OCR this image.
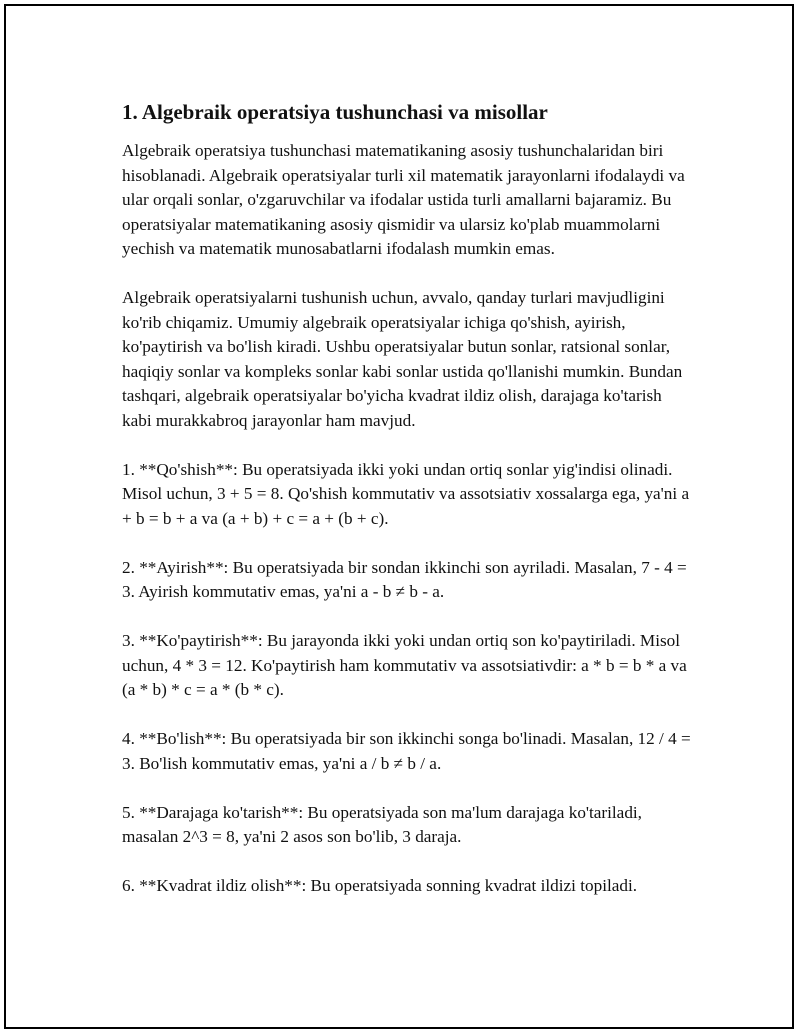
1. Algebraik operatsiya tushunchasi va misollar

Algebraik operatsiya tushunchasi matematikaning asosiy tushunchalaridan biri hisoblanadi. Algebraik operatsiyalar turli xil matematik jarayonlarni ifodalaydi va ular orqali sonlar, o'zgaruvchilar va ifodalar ustida turli amallarni bajaramiz. Bu operatsiyalar matematikaning asosiy qismidir va ularsiz ko'plab muammolarni yechish va matematik munosabatlarni ifodalash mumkin emas.

Algebraik operatsiyalarni tushunish uchun, avvalo, qanday turlari mavjudligini ko'rib chiqamiz. Umumiy algebraik operatsiyalar ichiga qo'shish, ayirish, ko'paytirish va bo'lish kiradi. Ushbu operatsiyalar butun sonlar, ratsional sonlar, haqiqiy sonlar va kompleks sonlar kabi sonlar ustida qo'llanishi mumkin. Bundan tashqari, algebraik operatsiyalar bo'yicha kvadrat ildiz olish, darajaga ko'tarish kabi murakkabroq jarayonlar ham mavjud.

1. **Qo'shish**: Bu operatsiyada ikki yoki undan ortiq sonlar yig'indisi olinadi. Misol uchun, 3 + 5 = 8. Qo'shish kommutativ va assotsiativ xossalarga ega, ya'ni a + b = b + a va (a + b) + c = a + (b + c).

2. **Ayirish**: Bu operatsiyada bir sondan ikkinchi son ayriladi. Masalan, 7 - 4 = 3. Ayirish kommutativ emas, ya'ni a - b ≠ b - a.

3. **Ko'paytirish**: Bu jarayonda ikki yoki undan ortiq son ko'paytiriladi. Misol uchun, 4 * 3 = 12. Ko'paytirish ham kommutativ va assotsiativdir: a * b = b * a va (a * b) * c = a * (b * c).

4. **Bo'lish**: Bu operatsiyada bir son ikkinchi songa bo'linadi. Masalan, 12 / 4 = 3. Bo'lish kommutativ emas, ya'ni a / b ≠ b / a.

5. **Darajaga ko'tarish**: Bu operatsiyada son ma'lum darajaga ko'tariladi, masalan 2^3 = 8, ya'ni 2 asos son bo'lib, 3 daraja.

6. **Kvadrat ildiz olish**: Bu operatsiyada sonning kvadrat ildizi topiladi.
